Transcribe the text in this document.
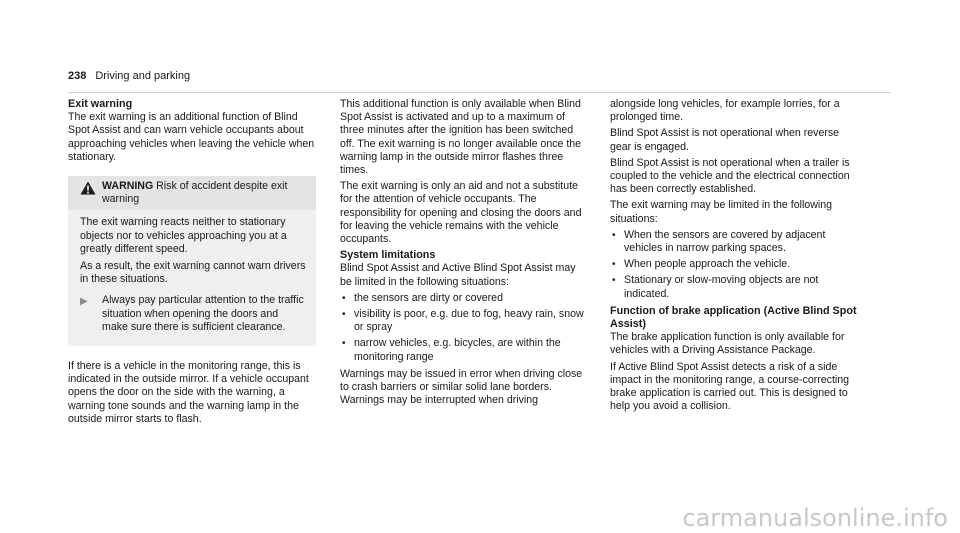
238 Driving and parking
Exit warning

The exit warning is an additional function of Blind Spot Assist and can warn vehicle occupants about approaching vehicles when leaving the vehicle when stationary.

WARNING Risk of accident despite exit warning

The exit warning reacts neither to stationary objects nor to vehicles approaching you at a greatly different speed.

As a result, the exit warning cannot warn drivers in these situations.

▶	Always pay particular attention to the traffic situation when opening the doors and make sure there is sufficient clearance.

If there is a vehicle in the monitoring range, this is indicated in the outside mirror. If a vehicle occupant opens the door on the side with the warning, a warning tone sounds and the warning lamp in the outside mirror starts to flash.

This additional function is only available when Blind Spot Assist is activated and up to a maximum of three minutes after the ignition has been switched off. The exit warning is no longer available once the warning lamp in the outside mirror flashes three times.

The exit warning is only an aid and not a substitute for the attention of vehicle occupants. The responsibility for opening and closing the doors and for leaving the vehicle remains with the vehicle occupants.

System limitations

Blind Spot Assist and Active Blind Spot Assist may be limited in the following situations:

• the sensors are dirty or covered
• visibility is poor, e.g. due to fog, heavy rain, snow or spray
• narrow vehicles, e.g. bicycles, are within the monitoring range

Warnings may be issued in error when driving close to crash barriers or similar solid lane borders. Warnings may be interrupted when driving

alongside long vehicles, for example lorries, for a prolonged time.

Blind Spot Assist is not operational when reverse gear is engaged.

Blind Spot Assist is not operational when a trailer is coupled to the vehicle and the electrical connection has been correctly established.

The exit warning may be limited in the following situations:

• When the sensors are covered by adjacent vehicles in narrow parking spaces.
• When people approach the vehicle.
• Stationary or slow-moving objects are not indicated.
Function of brake application (Active Blind Spot Assist)

The brake application function is only available for vehicles with a Driving Assistance Package.

If Active Blind Spot Assist detects a risk of a side impact in the monitoring range, a course-correcting brake application is carried out. This is designed to help you avoid a collision.

carmanualsonline.info
